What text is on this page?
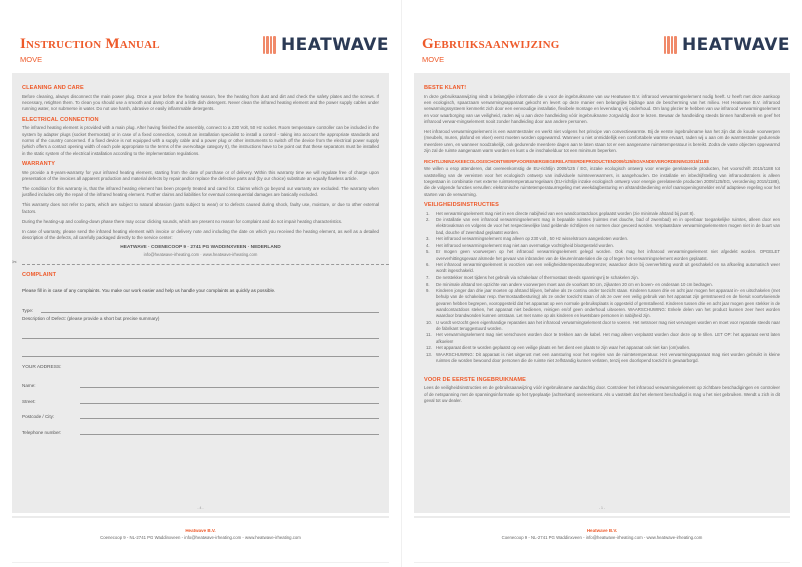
Instruction Manual
MOVE
HEATWAVE
CLEANING AND CARE

Before cleaning, always disconnect the main power plug. Once a year before the heating season, free the heating from dust and dirt and check the safety plates and the screws. If necessary, retighten them. To clean you should use a smooth and damp cloth and a little dish detergent. Never clean the infrared heating element and the power supply cables under running water, nor submerse in water. Do not use harsh, abrasive or easily inflammable detergents.

ELECTRICAL CONNECTION

The infrared heating element is provided with a main plug. After having finished the assembly, connect to a 230 Volt, 50 Hz socket. Room temperature controller can be included in the system by adapter plugs (socket thermostat) or in case of a fixed connection, consult an installation specialist to install a control - taking into account the appropriate standards and norms of the country concerned. If a fixed device is not equipped with a supply cable and a power plug or other instruments to switch off the device from the electrical power supply (which offers a contact opening width of each pole appropriate to the terms of the overvoltage category II), the instructions have to be point out that these separators must be installed in the static system of the electrical installation according to the implementation regulations.

WARRANTY

We provide a 8-years-warranty for your infrared heating element, starting from the date of purchase or of delivery. Within this warranty time we will regulate free of charge upon presentation of the invoices all apparent production and material defects by repair and/or replace the defective parts and (by our choice) substitute an equally flawless article.

The condition for this warranty is, that the infrared heating element has been properly treated and cared for. Claims which go beyond our warranty are excluded. The warranty when justified includes only the repair of the infrared heating element. Further claims and liabilities for eventual consequential damages are basically excluded.

This warranty does not refer to parts, which are subject to natural abrasion (parts subject to wear) or to defects caused during shock, faulty use, moisture, or due to other external factors.

During the heating-up and cooling-down phase there may occur clicking sounds, which are present no reason for complaint and do not impair heating characteristics.

In case of warranty, please send the infrared heating element with invoice or delivery note and including the date on which you received the heating element, as well as a detailed description of the defects, all carefully packaged directly to the service center:

HEATWAVE · COENECOOP 9 · 2741 PG WADDINXVEEN · NEDERLAND
info@heatwave-irheating.com · www.heatwave-irheating.com
✂
COMPLAINT
Please fill in in case of any complaints. You make our work easier and help us handle your complaints as quickly as possible.
Type:
Description of Defect: (please provide a short but precise summary)
YOUR ADDRESS:
Name:
Street:
Postcode / City:
Telephone number:
- 4 -
Heatwave B.V.
Coenecoop 9 - NL-2741 PG Waddinxveen - info@heatwave-irheating.com - www.heatwave-irheating.com
Gebruiksaanwijzing
MOVE
HEATWAVE
BESTE KLANT!

In deze gebruiksaanwijzing vindt u belangrijke informatie die u voor de ingebruikname van uw Heatwave B.V. infrarood verwarmingselement nodig heeft. U heeft met deze aankoop een ecologisch, spaarzaam verwarmingsapparaat gekocht en levert op deze manier een belangrijke bijdrage aan de bescherming van het milieu. Het Heatwave B.V. infrarood verwarmingssysteem kenmerkt zich door een eenvoudige installatie, flexibele montage en levenslang vrij onderhoud. Om lang plezier te hebben van uw infrarood verwarmingselement en voor waarborging van uw veiligheid, raden wij u aan deze handleiding vóór ingebruikname zorgvuldig door te lezen. Bewaar de handleiding steeds binnen handbereik en geef het infrarood verwar-mingselement nooit zonder handleiding door aan andere personen.

Het infrarood verwarmingselement is een warmtestraler en werkt niet volgens het principe van convectiewarmte. Bij de eerste ingebruikname kan het zijn dat de koude voorwerpen (meubels, muren, plafond en vloer) eerst moeten worden opgewarmd. Wanneer u niet onmiddellijk een comfortabele warmte ervaart, raden wij u aan om de warmtestraler gedurende meerdere uren, en wanneer noodzakelijk, ook gedurende meerdere dagen aan te laten staan tot er een aangename ruimtetemperatuur is bereikt. Zodra de vaste objecten opgewarmd zijn zal de ruimte aangenaam warm worden en kunt u de inschakelduur tot een minimum beperken.

RICHTLIJNINZAKEECOLOGISCHONTWERPVOORENERGIEGERELATEERDEPRODUCTEN2009/125/EGVANDEVERORDENING2015/1188

We willen u erop attenderen, dat overeenkomstig de EU-richtlijn 2009/125 / EG, inzake ecologisch ontwerp voor energie gerelateerde producten, het voorschrift 2015/1188 tot vaststelling van de vereisten voor het ecologisch ontwerp van individuele ruimteverwarmers, is aangehouden. De installatie en inbedrijfstelling van infraroodstralers is alleen toegestaan in combinatie met externe ruimtetemperatuurregelaars (EU-richtlijn inzake ecologisch ontwerp voor energie gerelateerde producten 2009/125/EG, verordening 2015/1188), die de volgende functies vervullen: elektronische ruimtetemperatuurregeling met weekdagbesturing en afstandsbediening en/of raamopeningsmelder en/of adaptieve regeling voor het starten van de verwarming.

VEILIGHEIDSINSTRUCTIES
1.	Het verwarmingselement mag niet in een directe nabijheid van een wandcontactdoos geplaatst worden (zie minimale afstand bij punt 8).
2.	De installatie van een infrarood verwarmingselement mag in bepaalde ruimtes (ruimtes met douche, bad of zwembad) en in openbaar toegankelijke ruimtes, alleen door een elektrovakman en volgens de voor het respectievelijke land geldende richtlijnen en normen door gevoerd worden. Verplaatsbare verwarmingselementen mogen niet in de buurt van bad, douche of zwembad geplaatst worden.
3.	Het infrarood verwarmingselement mag alleen op 230 volt , 50 Hz wisselstroom aangesloten worden.
4.	Het infrarood verwarmingselement mag niet aan overmatige vochtigheid blootgesteld worden.
5.	Er mogen geen voorwerpen op het infrarood verwarmingselement gelegd worden. Ook mag het infrarood verwarmingselement niet afgedekt worden. OPGELET oververhittingsgevaar alsmede het gevaar van inbranden van de kleuren/materialen die op of tegen het verwarmingselement worden geplaatst.
6.	Het infrarood verwarmingselement is voorzien van een veiligheidstemperatuurbegrenzer, waardoor deze bij oververhitting wordt uit geschakeld en na afkoeling automatisch weer wordt ingeschakeld.
7.	De netstekker moet tijdens het gebruik via schakelaar of thermostaat steeds spanningvrij te schakelen zijn.
8.	De minimale afstand ten opzichte van andere voorwerpen moet aan de voorkant 50 cm, zijkanten 20 cm en boven- en onderaan 10 cm bedragen.
9.	Kinderen jonger dan drie jaar moeten op afstand blijven, behalve als ze continu onder toezicht staan. Kinderen tussen drie en acht jaar mogen het apparaat in- en uitschakelen (met behulp van de schakelaar resp. thermostaatbesturing) als ze onder toezicht staan of als ze over een veilig gebruik van het apparaat zijn geïnstrueerd en de hieruit voortvloeiende gevaren hebben begrepen, vooropgesteld dat het apparaat op een normale gebruiksplaats is opgesteld of geïnstalleerd. Kinderen tussen drie en acht jaar mogen geen stekker in de wandcontactdoos steken, het apparaat niet bedienen, reinigen en/of geen onderhoud uitvoeren. WAARSCHUWING: Enkele delen van het product kunnen zeer heet worden waardoor brandwonden kunnen ontstaan. Let met name op als kinderen en kwetsbare personen in nabijheid zijn.
10. U wordt verzocht geen eigenhandige reparaties aan het infrarood verwarmingselement door te voeren. Het netsnoer mag niet vervangen worden en moet voor reparatie steeds naar de fabrikant teruggestuurd worden.
11.	Het verwarmingselement mag niet verschoven worden door te trekken aan de kabel. Het mag alleen verplaatst worden door deze op te tillen. LET OP: het apparaat eerst laten afkoelen!
12. Het apparaat dient te worden geplaatst op een veilige plaats en het dient een plaats te zijn waar het apparaat ook niet kan (om)vallen.
13. WAARSCHUWING: Dit apparaat is niet uitgerust met een aansturing voor het regelen van de ruimtetemperatuur. Het verwarmingsapparaat mag niet worden gebruikt in kleine ruimtes die worden bewoond door personen die de ruimte niet zelfstandig kunnen verlaten, tenzij een doorlopend toezicht is gewaarborgd.
VOOR DE EERSTE INGEBRUIKNAME

Lees de veiligheidsinstructies en de gebruiksaanwijzing vóór ingebruikname aandachtig door. Controleer het infrarood verwarmingselement op zichtbare beschadigingen en controleer of de netspanning met de spanningsinformatie op het typeplaatje (achterkant) overeenkomt. Als u vaststelt dat het element beschadigd is mag u het niet gebruiken. Wendt u zich in dit geval tot uw dealer.

- 1 -
Heatwave B.V.
Coenecoop 9 - NL-2741 PG Waddinxveen - info@heatwave-irheating.com - www.heatwave-irheating.com
